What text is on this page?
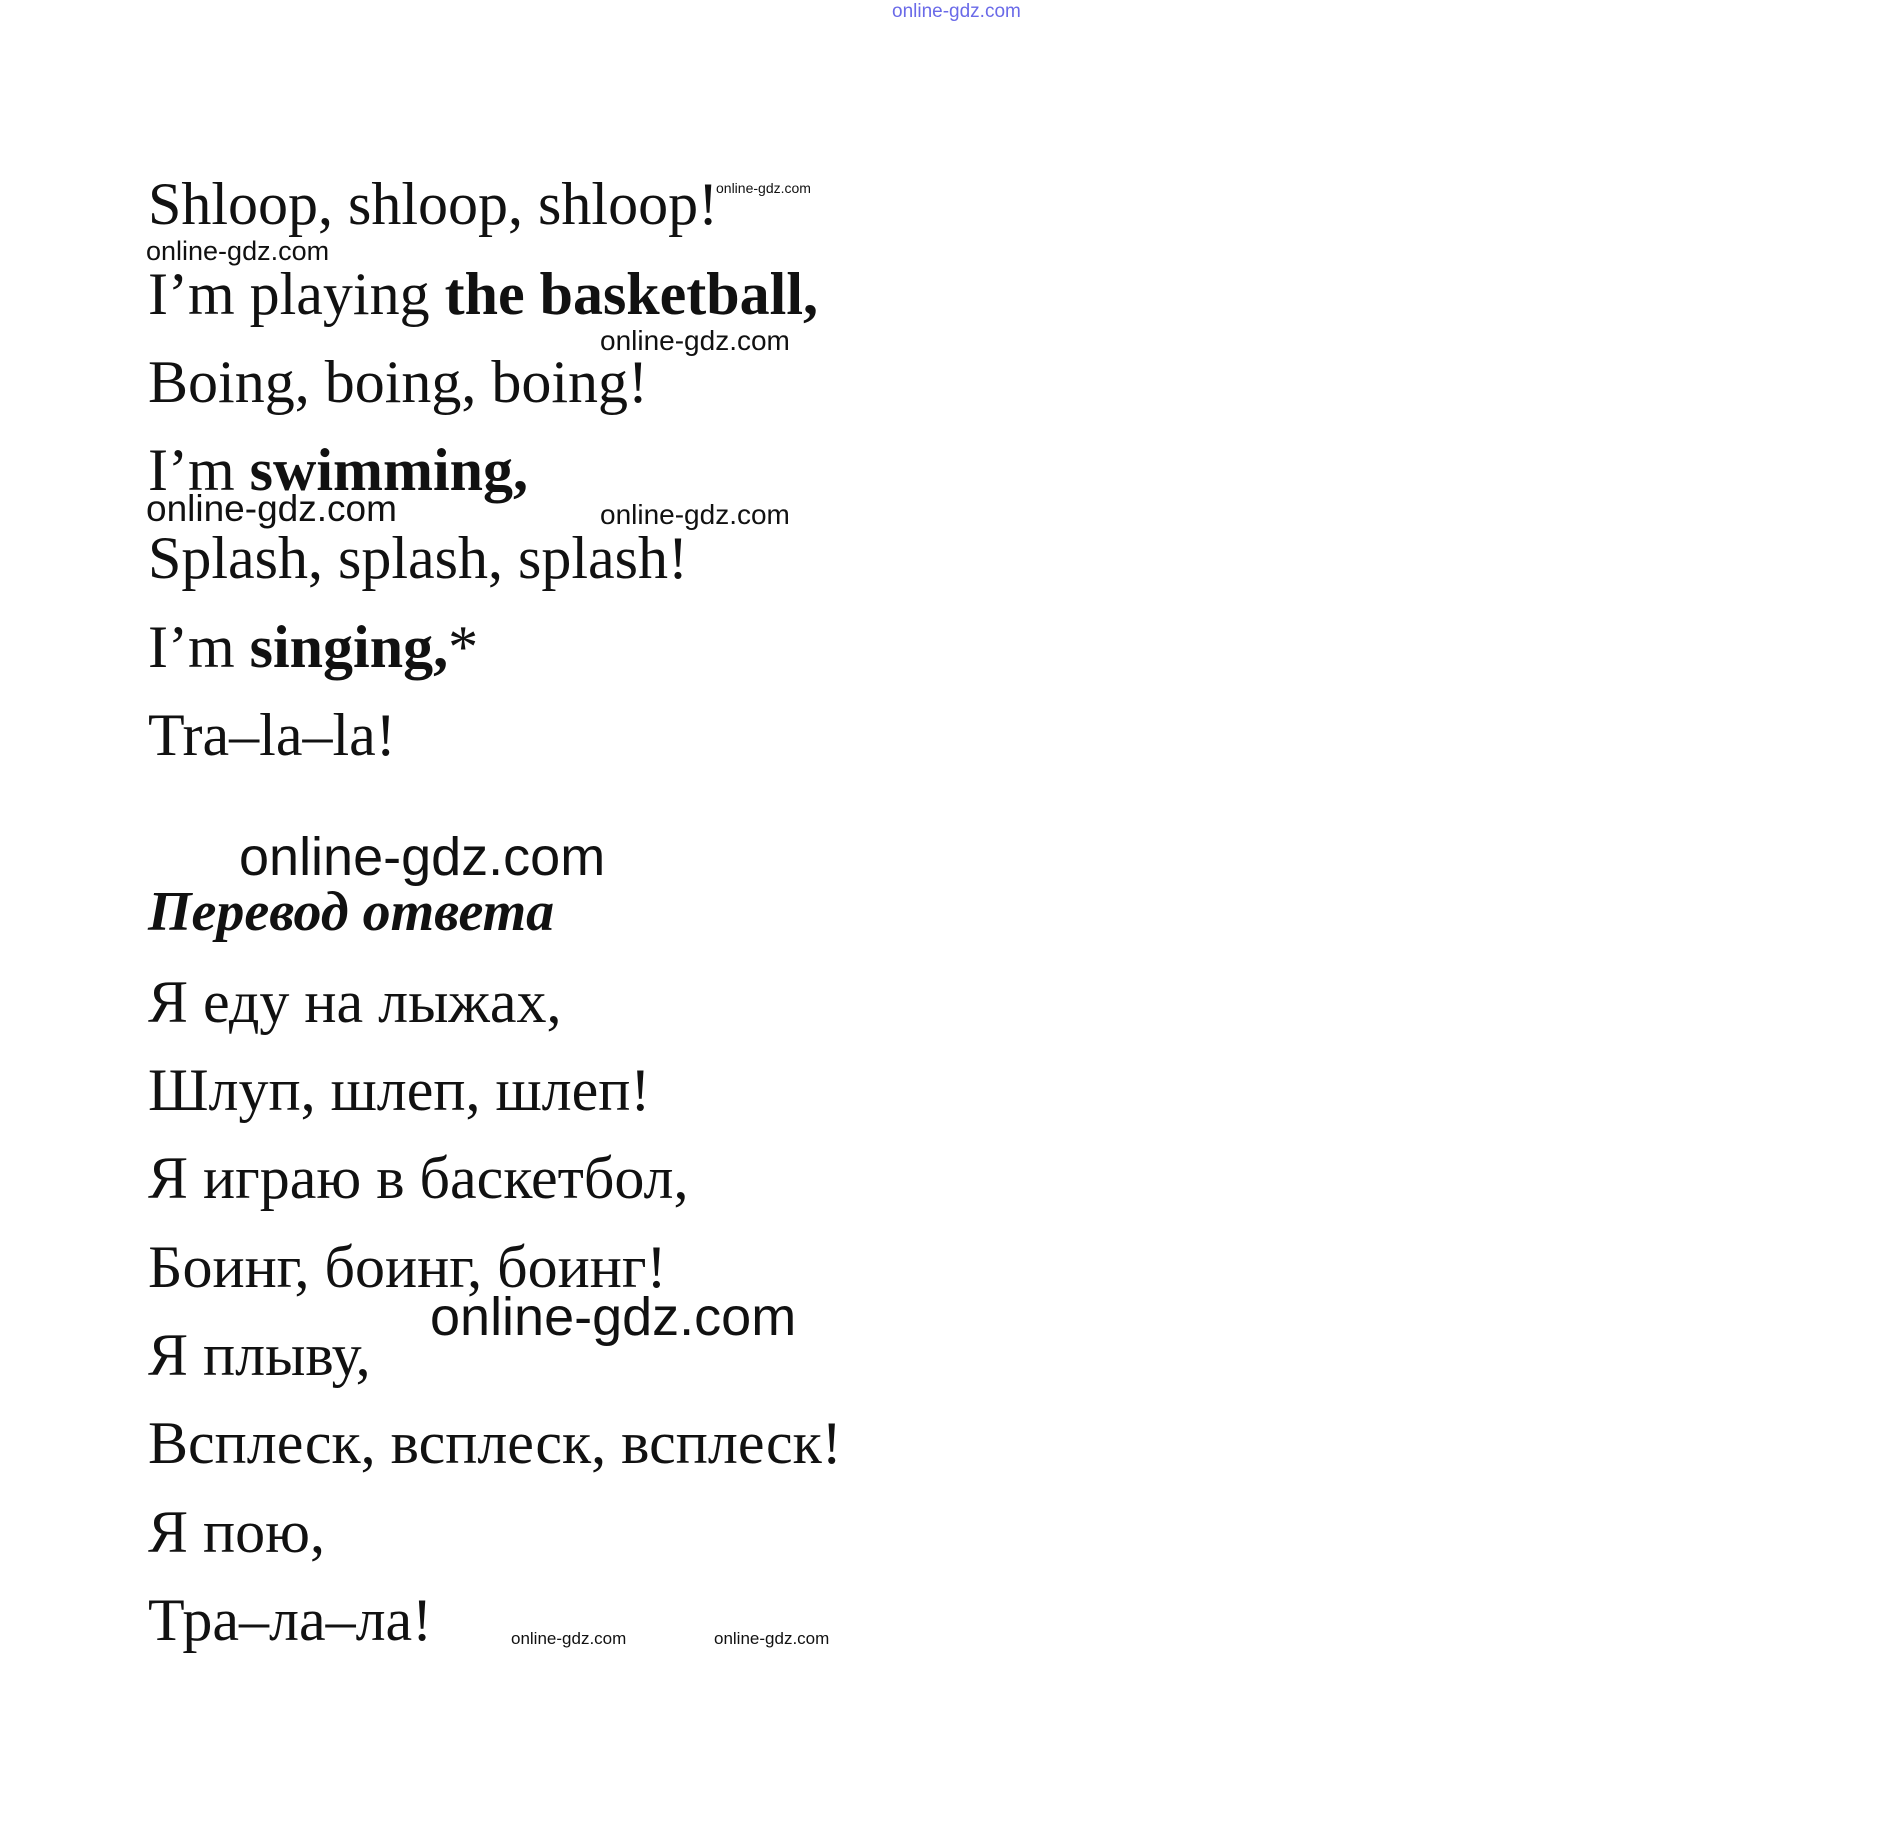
online-gdz.com

Shloop, shloop, shloop!

online-gdz.com
online-gdz.com

I’m playing the basketball,

online-gdz.com

Boing, boing, boing!

I’m swimming,

online-gdz.com	online-gdz.com

Splash, splash, splash!

I’m singing,*

Tra–la–la!

online-gdz.com
Перевод ответа

Я еду на лыжах,

Шлуп, шлеп, шлеп!

Я играю в баскетбол,

Боинг, боинг, боинг!

online-gdz.com

Я плыву,

Всплеск, всплеск, всплеск!

Я пою,

Тра–ла–ла!	online-gdz.com	online-gdz.com
